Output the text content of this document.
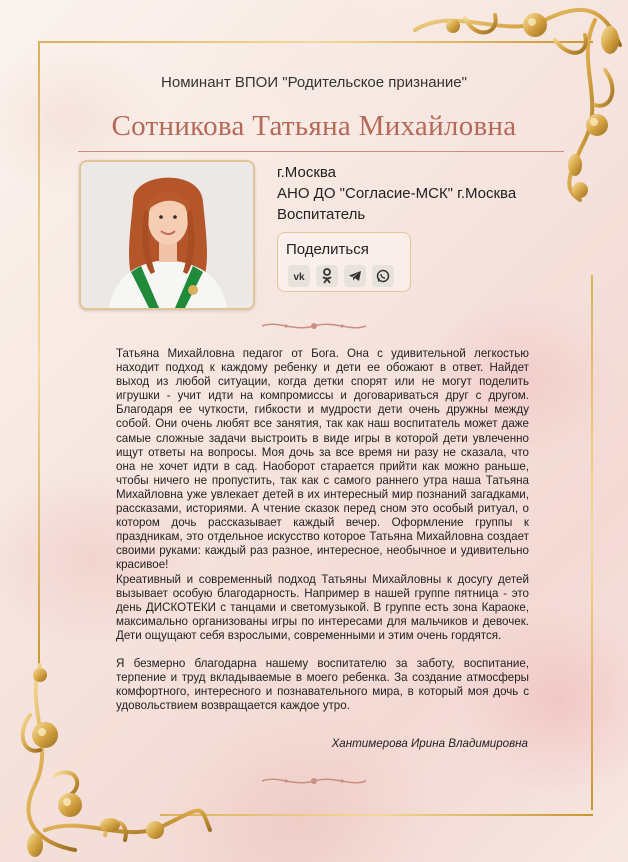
Номинант ВПОИ "Родительское признание"
Сотникова Татьяна Михайловна
г.Москва
АНО ДО "Согласие-МСК" г.Москва
Воспитатель
Поделиться
vk

Татьяна Михайловна педагог от Бога. Она с удивительной легкостью находит подход к каждому ребенку и дети ее обожают в ответ. Найдет выход из любой ситуации, когда детки спорят или не могут поделить игрушки - учит идти на компромиссы и договариваться друг с другом. Благодаря ее чуткости, гибкости и мудрости дети очень дружны между собой. Они очень любят все занятия, так как наш воспитатель может даже самые сложные задачи выстроить в виде игры в которой дети увлеченно ищут ответы на вопросы. Моя дочь за все время ни разу не сказала, что она не хочет идти в сад. Наоборот старается прийти как можно раньше, чтобы ничего не пропустить, так как с самого раннего утра наша Татьяна Михайловна уже увлекает детей в их интересный мир познаний загадками, рассказами, историями. А чтение сказок перед сном это особый ритуал, о котором дочь рассказывает каждый вечер. Оформление группы к праздникам, это отдельное искусство которое Татьяна Михайловна создает своими руками: каждый раз разное, интересное, необычное и удивительно красивое!

Креативный и современный подход Татьяны Михайловны к досугу детей вызывает особую благодарность. Например в нашей группе пятница - это день ДИСКОТЕКИ с танцами и светомузыкой. В группе есть зона Караоке, максимально организованы игры по интересами для мальчиков и девочек. Дети ощущают себя взрослыми, современными и этим очень гордятся.

Я безмерно благодарна нашему воспитателю за заботу, воспитание, терпение и труд вкладываемые в моего ребенка. За создание атмосферы комфортного, интересного и познавательного мира, в который моя дочь с удовольствием возвращается каждое утро.

Хантимерова Ирина Владимировна
